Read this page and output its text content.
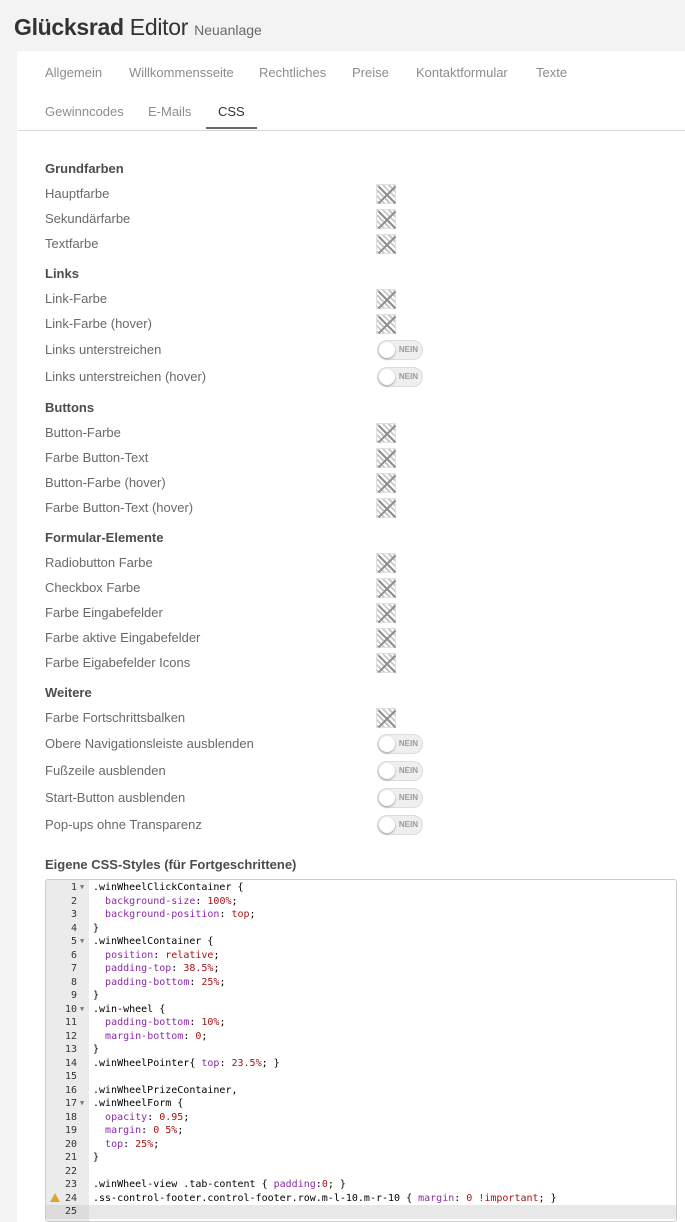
Glücksrad Editor Neuanlage
Allgemein Willkommensseite Rechtliches Preise Kontaktformular Texte
Gewinncodes E-Mails CSS
Grundfarben
Hauptfarbe
Sekundärfarbe
Textfarbe
Links
Link-Farbe
Link-Farbe (hover)
Links unterstreichen	NEIN
Links unterstreichen (hover)	NEIN
Buttons
Button-Farbe
Farbe Button-Text
Button-Farbe (hover)
Farbe Button-Text (hover)
Formular-Elemente
Radiobutton Farbe
Checkbox Farbe
Farbe Eingabefelder
Farbe aktive Eingabefelder
Farbe Eigabefelder Icons
Weitere
Farbe Fortschrittsbalken
Obere Navigationsleiste ausblenden	NEIN
Fußzeile ausblenden	NEIN
Start-Button ausblenden	NEIN
Pop-ups ohne Transparenz	NEIN
Eigene CSS-Styles (für Fortgeschrittene)
1 ▼ .winWheelClickContainer {
2	background-size: 100%;
3	background-position: top;
4	}
5 ▼ .winWheelContainer {
6	position: relative;
7	padding-top: 38.5%;
8	padding-bottom: 25%;
9	}
10 ▼ .win-wheel {
11	padding-bottom: 10%;
12	margin-bottom: 0;
13	}
14	.winWheelPointer{ top: 23.5%; }
15
16	.winWheelPrizeContainer,
17 ▼ .winWheelForm {
18	opacity: 0.95;
19	margin: 0 5%;
20	top: 25%;
21	}
22
23	.winWheel-view .tab-content { padding:0; }
24	.ss-control-footer.control-footer.row.m-l-10.m-r-10 { margin: 0 !important; }
25
